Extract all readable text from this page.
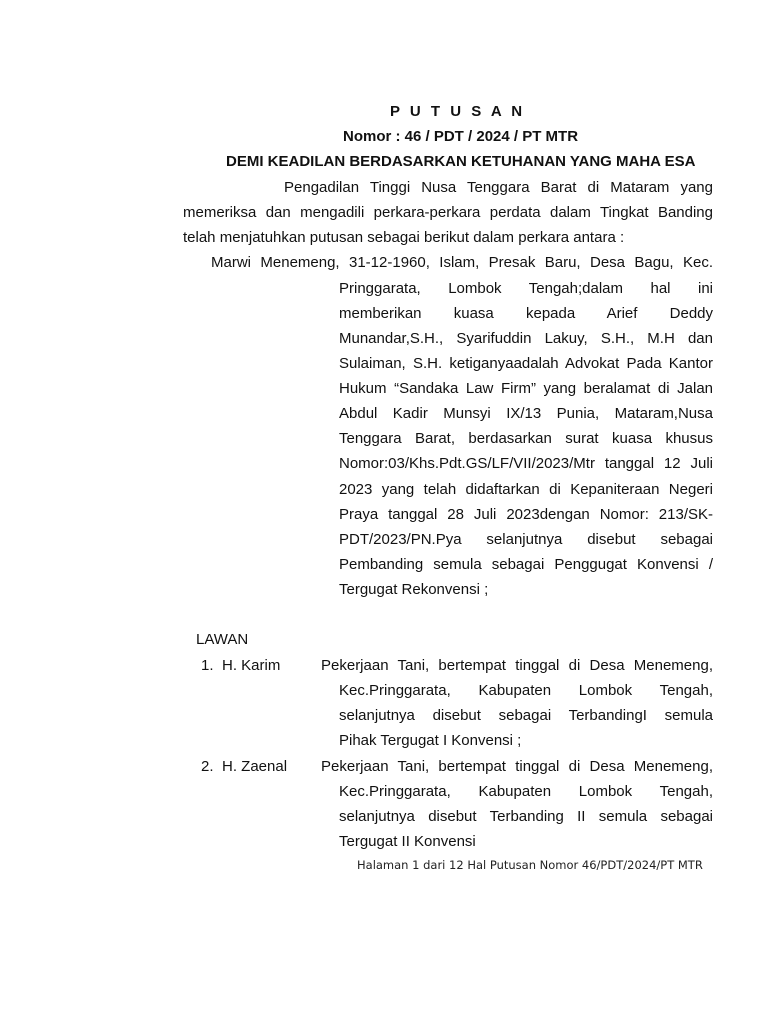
P U T U S A N
Nomor : 46 / PDT / 2024 / PT MTR
DEMI KEADILAN BERDASARKAN KETUHANAN YANG MAHA ESA
Pengadilan Tinggi Nusa Tenggara Barat di Mataram yang
memeriksa dan mengadili perkara-perkara perdata dalam Tingkat Banding
telah menjatuhkan putusan sebagai berikut dalam perkara antara :
Marwi Menemeng, 31-12-1960, Islam, Presak Baru, Desa Bagu, Kec.
Pringgarata, Lombok Tengah;dalam hal ini
memberikan kuasa kepada Arief Deddy
Munandar,S.H., Syarifuddin Lakuy, S.H., M.H dan
Sulaiman, S.H. ketiganyaadalah Advokat Pada Kantor
Hukum “Sandaka Law Firm” yang beralamat di Jalan
Abdul Kadir Munsyi IX/13 Punia, Mataram,Nusa
Tenggara Barat, berdasarkan surat kuasa khusus
Nomor:03/Khs.Pdt.GS/LF/VII/2023/Mtr tanggal 12 Juli
2023 yang telah didaftarkan di Kepaniteraan Negeri
Praya tanggal 28 Juli 2023dengan Nomor: 213/SK-
PDT/2023/PN.Pya selanjutnya disebut sebagai
Pembanding semula sebagai Penggugat Konvensi /
Tergugat Rekonvensi ;
LAWAN
1. H. Karim	Pekerjaan Tani, bertempat tinggal di Desa Menemeng,
Kec.Pringgarata, Kabupaten Lombok Tengah,
selanjutnya disebut sebagai TerbandingI semula
Pihak Tergugat I Konvensi ;
2. H. Zaenal Pekerjaan Tani, bertempat tinggal di Desa Menemeng,
Kec.Pringgarata, Kabupaten Lombok Tengah,
selanjutnya disebut Terbanding II semula sebagai
Tergugat II Konvensi
Halaman 1 dari 12 Hal Putusan Nomor 46/PDT/2024/PT MTR
